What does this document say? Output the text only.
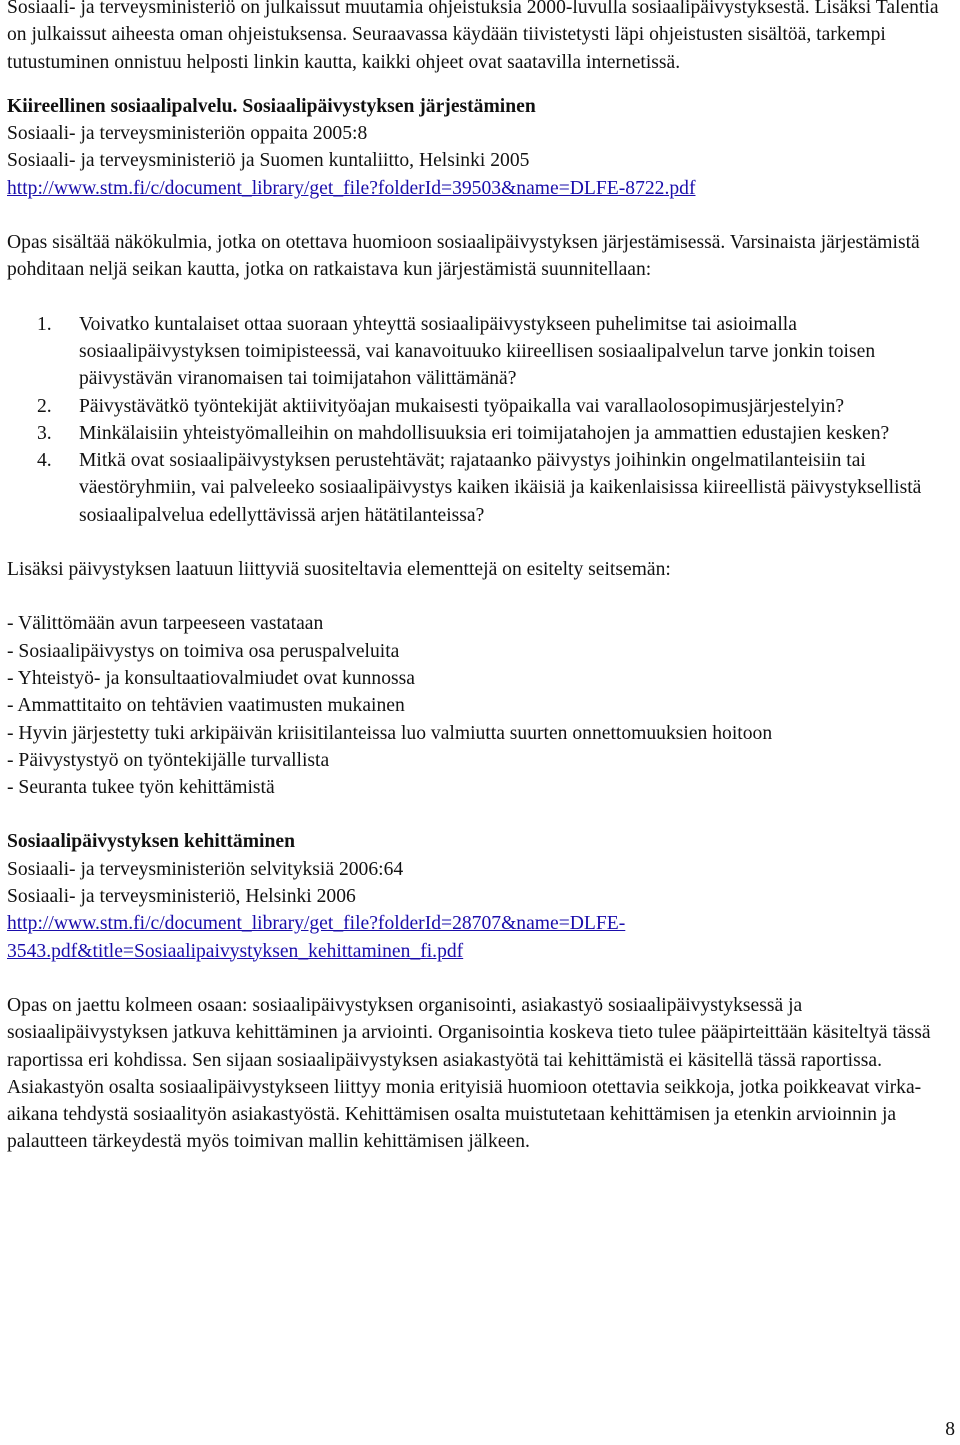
Sosiaali- ja terveysministeriö on julkaissut muutamia ohjeistuksia 2000-luvulla sosiaalipäivystyksestä. Lisäksi Talentia on julkaissut aiheesta oman ohjeistuksensa. Seuraavassa käydään tiivistetysti läpi ohjeistusten sisältöä, tarkempi tutustuminen onnistuu helposti linkin kautta, kaikki ohjeet ovat saatavilla internetissä.

Kiireellinen sosiaalipalvelu. Sosiaalipäivystyksen järjestäminen

Sosiaali- ja terveysministeriön oppaita 2005:8

Sosiaali- ja terveysministeriö ja Suomen kuntaliitto, Helsinki 2005

http://www.stm.fi/c/document_library/get_file?folderId=39503&name=DLFE-8722.pdf

Opas sisältää näkökulmia, jotka on otettava huomioon sosiaalipäivystyksen järjestämisessä. Varsinaista järjestämistä pohditaan neljä seikan kautta, jotka on ratkaistava kun järjestämistä suunnitellaan:

1. Voivatko kuntalaiset ottaa suoraan yhteyttä sosiaalipäivystykseen puhelimitse tai asioimalla sosiaalipäivystyksen toimipisteessä, vai kanavoituuko kiireellisen sosiaalipalvelun tarve jonkin toisen päivystävän viranomaisen tai toimijatahon välittämänä?
2. Päivystävätkö työntekijät aktiivityöajan mukaisesti työpaikalla vai varallaolosopimusjärjestelyin?
3. Minkälaisiin yhteistyömalleihin on mahdollisuuksia eri toimijatahojen ja ammattien edustajien kesken?
4. Mitkä ovat sosiaalipäivystyksen perustehtävät; rajataanko päivystys joihinkin ongelmatilanteisiin tai väestöryhmiin, vai palveleeko sosiaalipäivystys kaiken ikäisiä ja kaikenlaisissa kiireellistä päivystyksellistä sosiaalipalvelua edellyttävissä arjen hätätilanteissa?

Lisäksi päivystyksen laatuun liittyviä suositeltavia elementtejä on esitelty seitsemän:

- Välittömään avun tarpeeseen vastataan

- Sosiaalipäivystys on toimiva osa peruspalveluita

- Yhteistyö- ja konsultaatiovalmiudet ovat kunnossa

- Ammattitaito on tehtävien vaatimusten mukainen

- Hyvin järjestetty tuki arkipäivän kriisitilanteissa luo valmiutta suurten onnettomuuksien hoitoon

- Päivystystyö on työntekijälle turvallista

- Seuranta tukee työn kehittämistä

Sosiaalipäivystyksen kehittäminen

Sosiaali- ja terveysministeriön selvityksiä 2006:64

Sosiaali- ja terveysministeriö, Helsinki 2006

http://www.stm.fi/c/document_library/get_file?folderId=28707&name=DLFE-
3543.pdf&title=Sosiaalipaivystyksen_kehittaminen_fi.pdf

Opas on jaettu kolmeen osaan: sosiaalipäivystyksen organisointi, asiakastyö sosiaalipäivystyksessä ja sosiaalipäivystyksen jatkuva kehittäminen ja arviointi. Organisointia koskeva tieto tulee pääpirteittään käsiteltyä tässä raportissa eri kohdissa. Sen sijaan sosiaalipäivystyksen asiakastyötä tai kehittämistä ei käsitellä tässä raportissa. Asiakastyön osalta sosiaalipäivystykseen liittyy monia erityisiä huomioon otettavia seikkoja, jotka poikkeavat virka-aikana tehdystä sosiaalityön asiakastyöstä. Kehittämisen osalta muistutetaan kehittämisen ja etenkin arvioinnin ja palautteen tärkeydestä myös toimivan mallin kehittämisen jälkeen.

8
